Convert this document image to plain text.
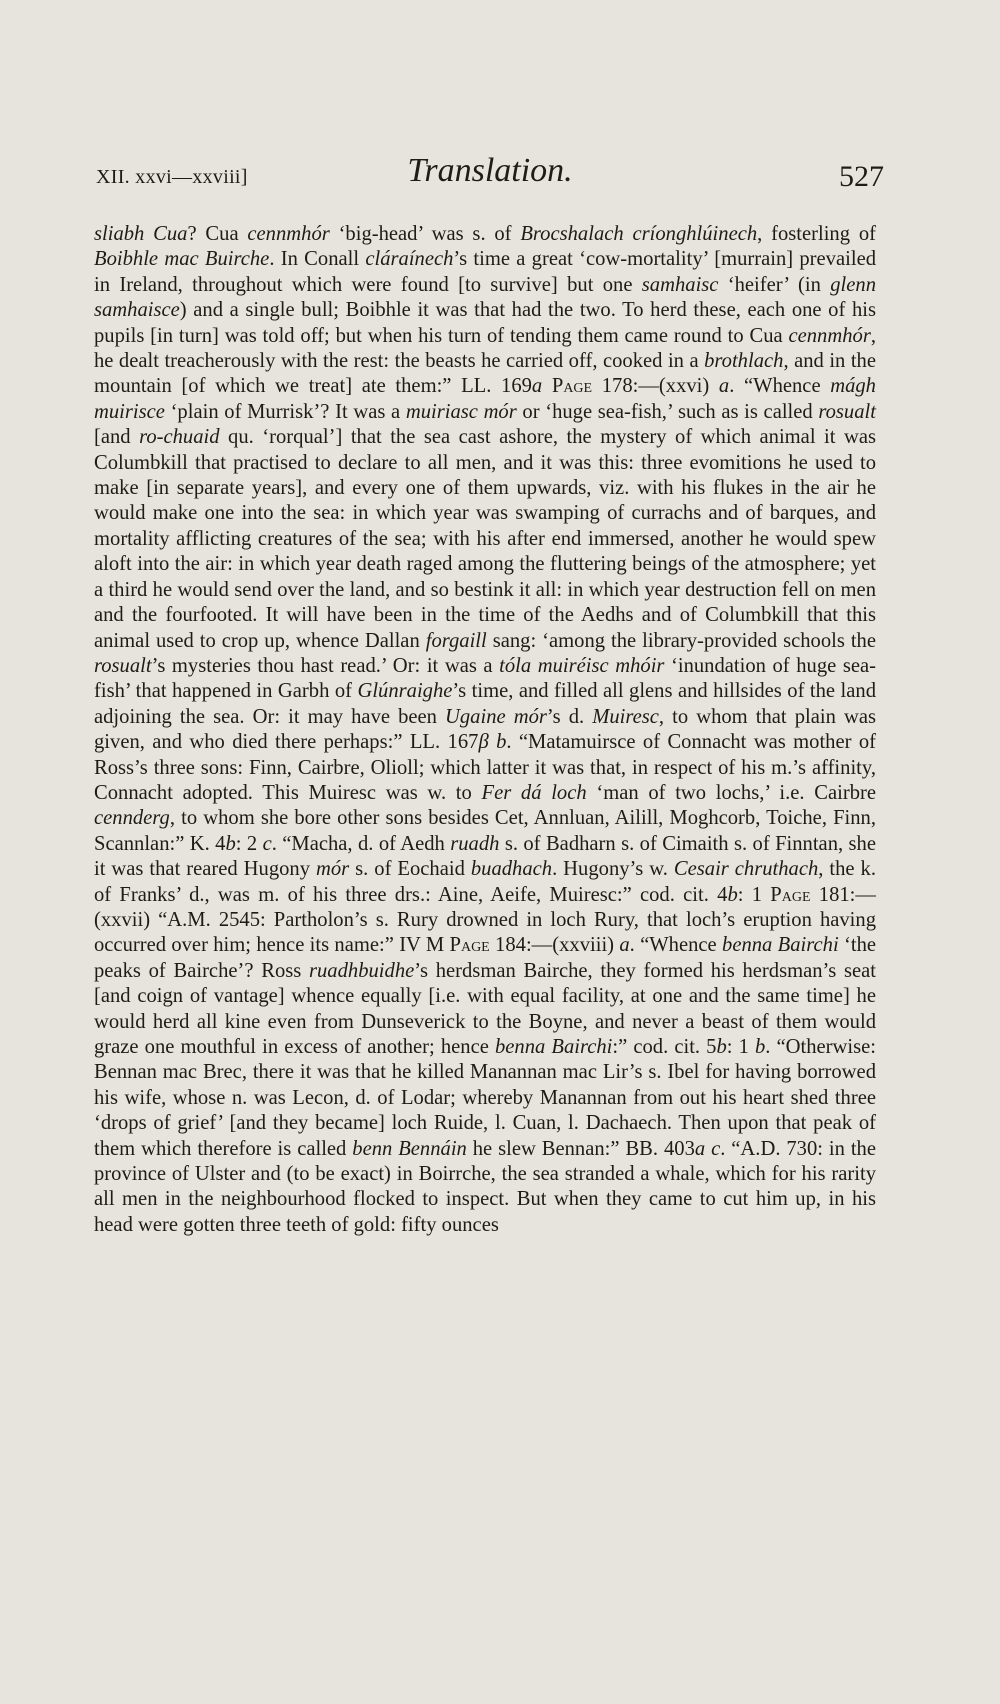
XII. xxvi—xxviii]	Translation.	527
sliabh Cua? Cua cennmhór ‘big-head’ was s. of Brocshalach críonghlúinech, fosterling of Boibhle mac Buirche. In Conall cláraínech’s time a great ‘cow-mortality’ [murrain] prevailed in Ireland, throughout which were found [to survive] but one samhaisc ‘heifer’ (in glenn samhaisce) and a single bull; Boibhle it was that had the two. To herd these, each one of his pupils [in turn] was told off; but when his turn of tending them came round to Cua cennmhór, he dealt treacherously with the rest: the beasts he carried off, cooked in a brothlach, and in the mountain [of which we treat] ate them:” LL. 169a Page 178:—(xxvi) a. “Whence mágh muirisce ‘plain of Murrisk’? It was a muiriasc mór or ‘huge sea-fish,’ such as is called rosualt [and ro-chuaid qu. ‘rorqual’] that the sea cast ashore, the mystery of which animal it was Columbkill that practised to declare to all men, and it was this: three evomitions he used to make [in separate years], and every one of them upwards, viz. with his flukes in the air he would make one into the sea: in which year was swamping of currachs and of barques, and mortality afflicting creatures of the sea; with his after end immersed, another he would spew aloft into the air: in which year death raged among the fluttering beings of the atmosphere; yet a third he would send over the land, and so bestink it all: in which year destruction fell on men and the fourfooted. It will have been in the time of the Aedhs and of Columbkill that this animal used to crop up, whence Dallan forgaill sang: ‘among the library-provided schools the rosualt’s mysteries thou hast read.’ Or: it was a tóla muiréisc mhóir ‘inundation of huge sea-fish’ that happened in Garbh of Glúnraighe’s time, and filled all glens and hillsides of the land adjoining the sea. Or: it may have been Ugaine mór’s d. Muiresc, to whom that plain was given, and who died there perhaps:” LL. 167β b. “Matamuirsce of Connacht was mother of Ross’s three sons: Finn, Cairbre, Olioll; which latter it was that, in respect of his m.’s affinity, Connacht adopted. This Muiresc was w. to Fer dá loch ‘man of two lochs,’ i.e. Cairbre cennderg, to whom she bore other sons besides Cet, Annluan, Ailill, Moghcorb, Toiche, Finn, Scannlan:” K. 4b: 2 c. “Macha, d. of Aedh ruadh s. of Badharn s. of Cimaith s. of Finntan, she it was that reared Hugony mór s. of Eochaid buadhach. Hugony’s w. Cesair chruthach, the k. of Franks’ d., was m. of his three drs.: Aine, Aeife, Muiresc:” cod. cit. 4b: 1 Page 181:—(xxvii) “A.M. 2545: Partholon’s s. Rury drowned in loch Rury, that loch’s eruption having occurred over him; hence its name:” IV M Page 184:—(xxviii) a. “Whence benna Bairchi ‘the peaks of Bairche’? Ross ruadhbuidhe’s herdsman Bairche, they formed his herdsman’s seat [and coign of vantage] whence equally [i.e. with equal facility, at one and the same time] he would herd all kine even from Dunseverick to the Boyne, and never a beast of them would graze one mouthful in excess of another; hence benna Bairchi:” cod. cit. 5b: 1 b. “Otherwise: Bennan mac Brec, there it was that he killed Manannan mac Lir’s s. Ibel for having borrowed his wife, whose n. was Lecon, d. of Lodar; whereby Manannan from out his heart shed three ‘drops of grief’ [and they became] loch Ruide, l. Cuan, l. Dachaech. Then upon that peak of them which therefore is called benn Bennáin he slew Bennan:” BB. 403a c. “A.D. 730: in the province of Ulster and (to be exact) in Boirrche, the sea stranded a whale, which for his rarity all men in the neighbourhood flocked to inspect. But when they came to cut him up, in his head were gotten three teeth of gold: fifty ounces
